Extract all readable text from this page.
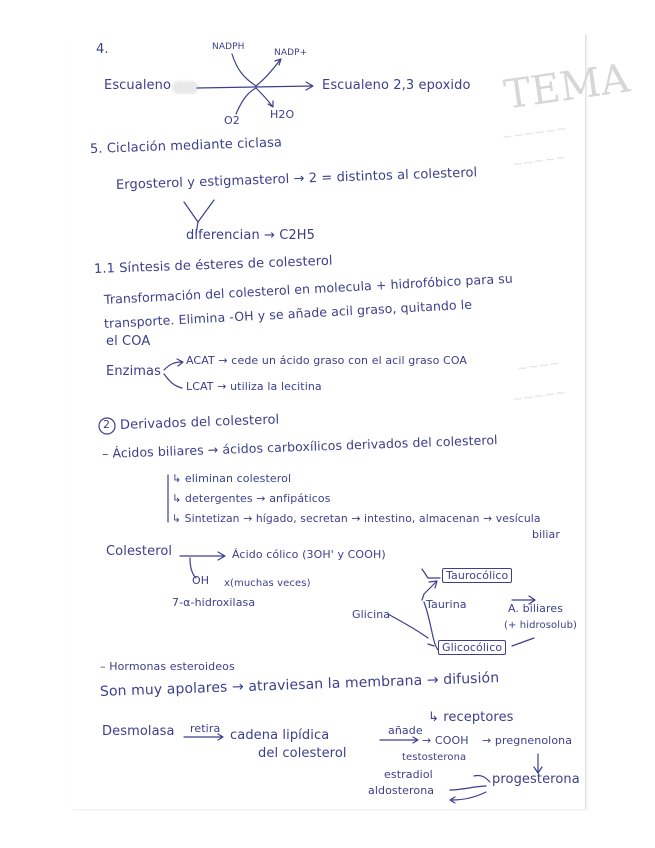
TEMA
~~~~~~
~~~~~
~~~~
~~~~~
4.	NADPH
NADP+
Escualeno	Escualeno 2,3 epoxido
O2	H2O
5. Ciclación mediante ciclasa
Ergosterol y estigmasterol → 2 = distintos al colesterol
diferencian → C2H5
1.1 Síntesis de ésteres de colesterol
Transformación del colesterol en molecula + hidrofóbico para su
transporte. Elimina -OH y se añade acil graso, quitando le
el COA
Enzimas
ACAT → cede un ácido graso con el acil graso COA
LCAT → utiliza la lecitina
2 Derivados del colesterol
– Ácidos biliares → ácidos carboxílicos derivados del colesterol
↳ eliminan colesterol
↳ detergentes → anfipáticos
↳ Sintetizan → hígado, secretan → intestino, almacenan → vesícula
biliar
Colesterol	Ácido cólico (3OH' y COOH)
OH x(muchas veces)
7-α-hidroxilasa
Taurocólico
Taurina
Glicina	A. biliares
(+ hidrosolub)
Glicocólico
– Hormonas esteroideos
Son muy apolares → atraviesan la membrana → difusión
↳ receptores
Desmolasa retira cadena lipídica
del colesterol
añade
→ COOH → pregnenolona
testosterona
estradiol
aldosterona
progesterona
